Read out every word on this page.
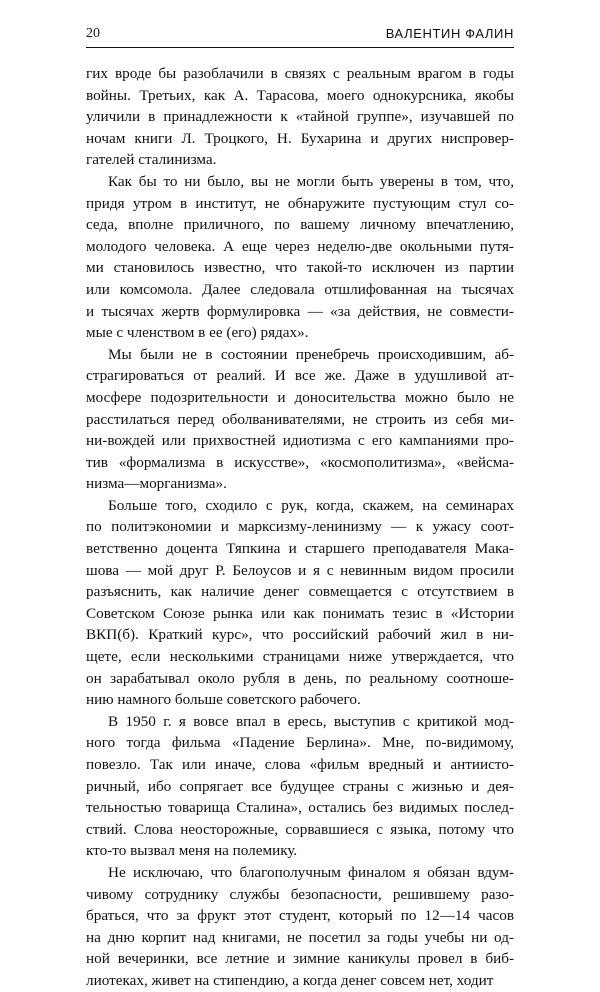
20	ВАЛЕНТИН ФАЛИН

гих вроде бы разоблачили в связях с реальным врагом в годы
войны. Третьих, как А. Тарасова, моего однокурсника, якобы
уличили в принадлежности к «тайной группе», изучавшей по
ночам книги Л. Троцкого, Н. Бухарина и других ниспровер-
гателей сталинизма.

Как бы то ни было, вы не могли быть уверены в том, что,
придя утром в институт, не обнаружите пустующим стул со-
седа, вполне приличного, по вашему личному впечатлению,
молодого человека. А еще через неделю-две окольными путя-
ми становилось известно, что такой-то исключен из партии
или комсомола. Далее следовала отшлифованная на тысячах
и тысячах жертв формулировка — «за действия, не совмести-
мые с членством в ее (его) рядах».

Мы были не в состоянии пренебречь происходившим, аб-
страгироваться от реалий. И все же. Даже в удушливой ат-
мосфере подозрительности и доносительства можно было не
расстилаться перед оболванивателями, не строить из себя ми-
ни-вождей или прихвостней идиотизма с его кампаниями про-
тив «формализма в искусстве», «космополитизма», «вейсма-
низма—морганизма».

Больше того, сходило с рук, когда, скажем, на семинарах
по политэкономии и марксизму-ленинизму — к ужасу соот-
ветственно доцента Тяпкина и старшего преподавателя Мака-
шова — мой друг Р. Белоусов и я с невинным видом просили
разъяснить, как наличие денег совмещается с отсутствием в
Советском Союзе рынка или как понимать тезис в «Истории
ВКП(б). Краткий курс», что российский рабочий жил в ни-
щете, если несколькими страницами ниже утверждается, что
он зарабатывал около рубля в день, по реальному соотноше-
нию намного больше советского рабочего.

В 1950 г. я вовсе впал в ересь, выступив с критикой мод-
ного тогда фильма «Падение Берлина». Мне, по-видимому,
повезло. Так или иначе, слова «фильм вредный и антиисто-
ричный, ибо сопрягает все будущее страны с жизнью и дея-
тельностью товарища Сталина», остались без видимых послед-
ствий. Слова неосторожные, сорвавшиеся с языка, потому что
кто-то вызвал меня на полемику.

Не исключаю, что благополучным финалом я обязан вдум-
чивому сотруднику службы безопасности, решившему разо-
браться, что за фрукт этот студент, который по 12—14 часов
на дню корпит над книгами, не посетил за годы учебы ни од-
ной вечеринки, все летние и зимние каникулы провел в биб-
лиотеках, живет на стипендию, а когда денег совсем нет, ходит
